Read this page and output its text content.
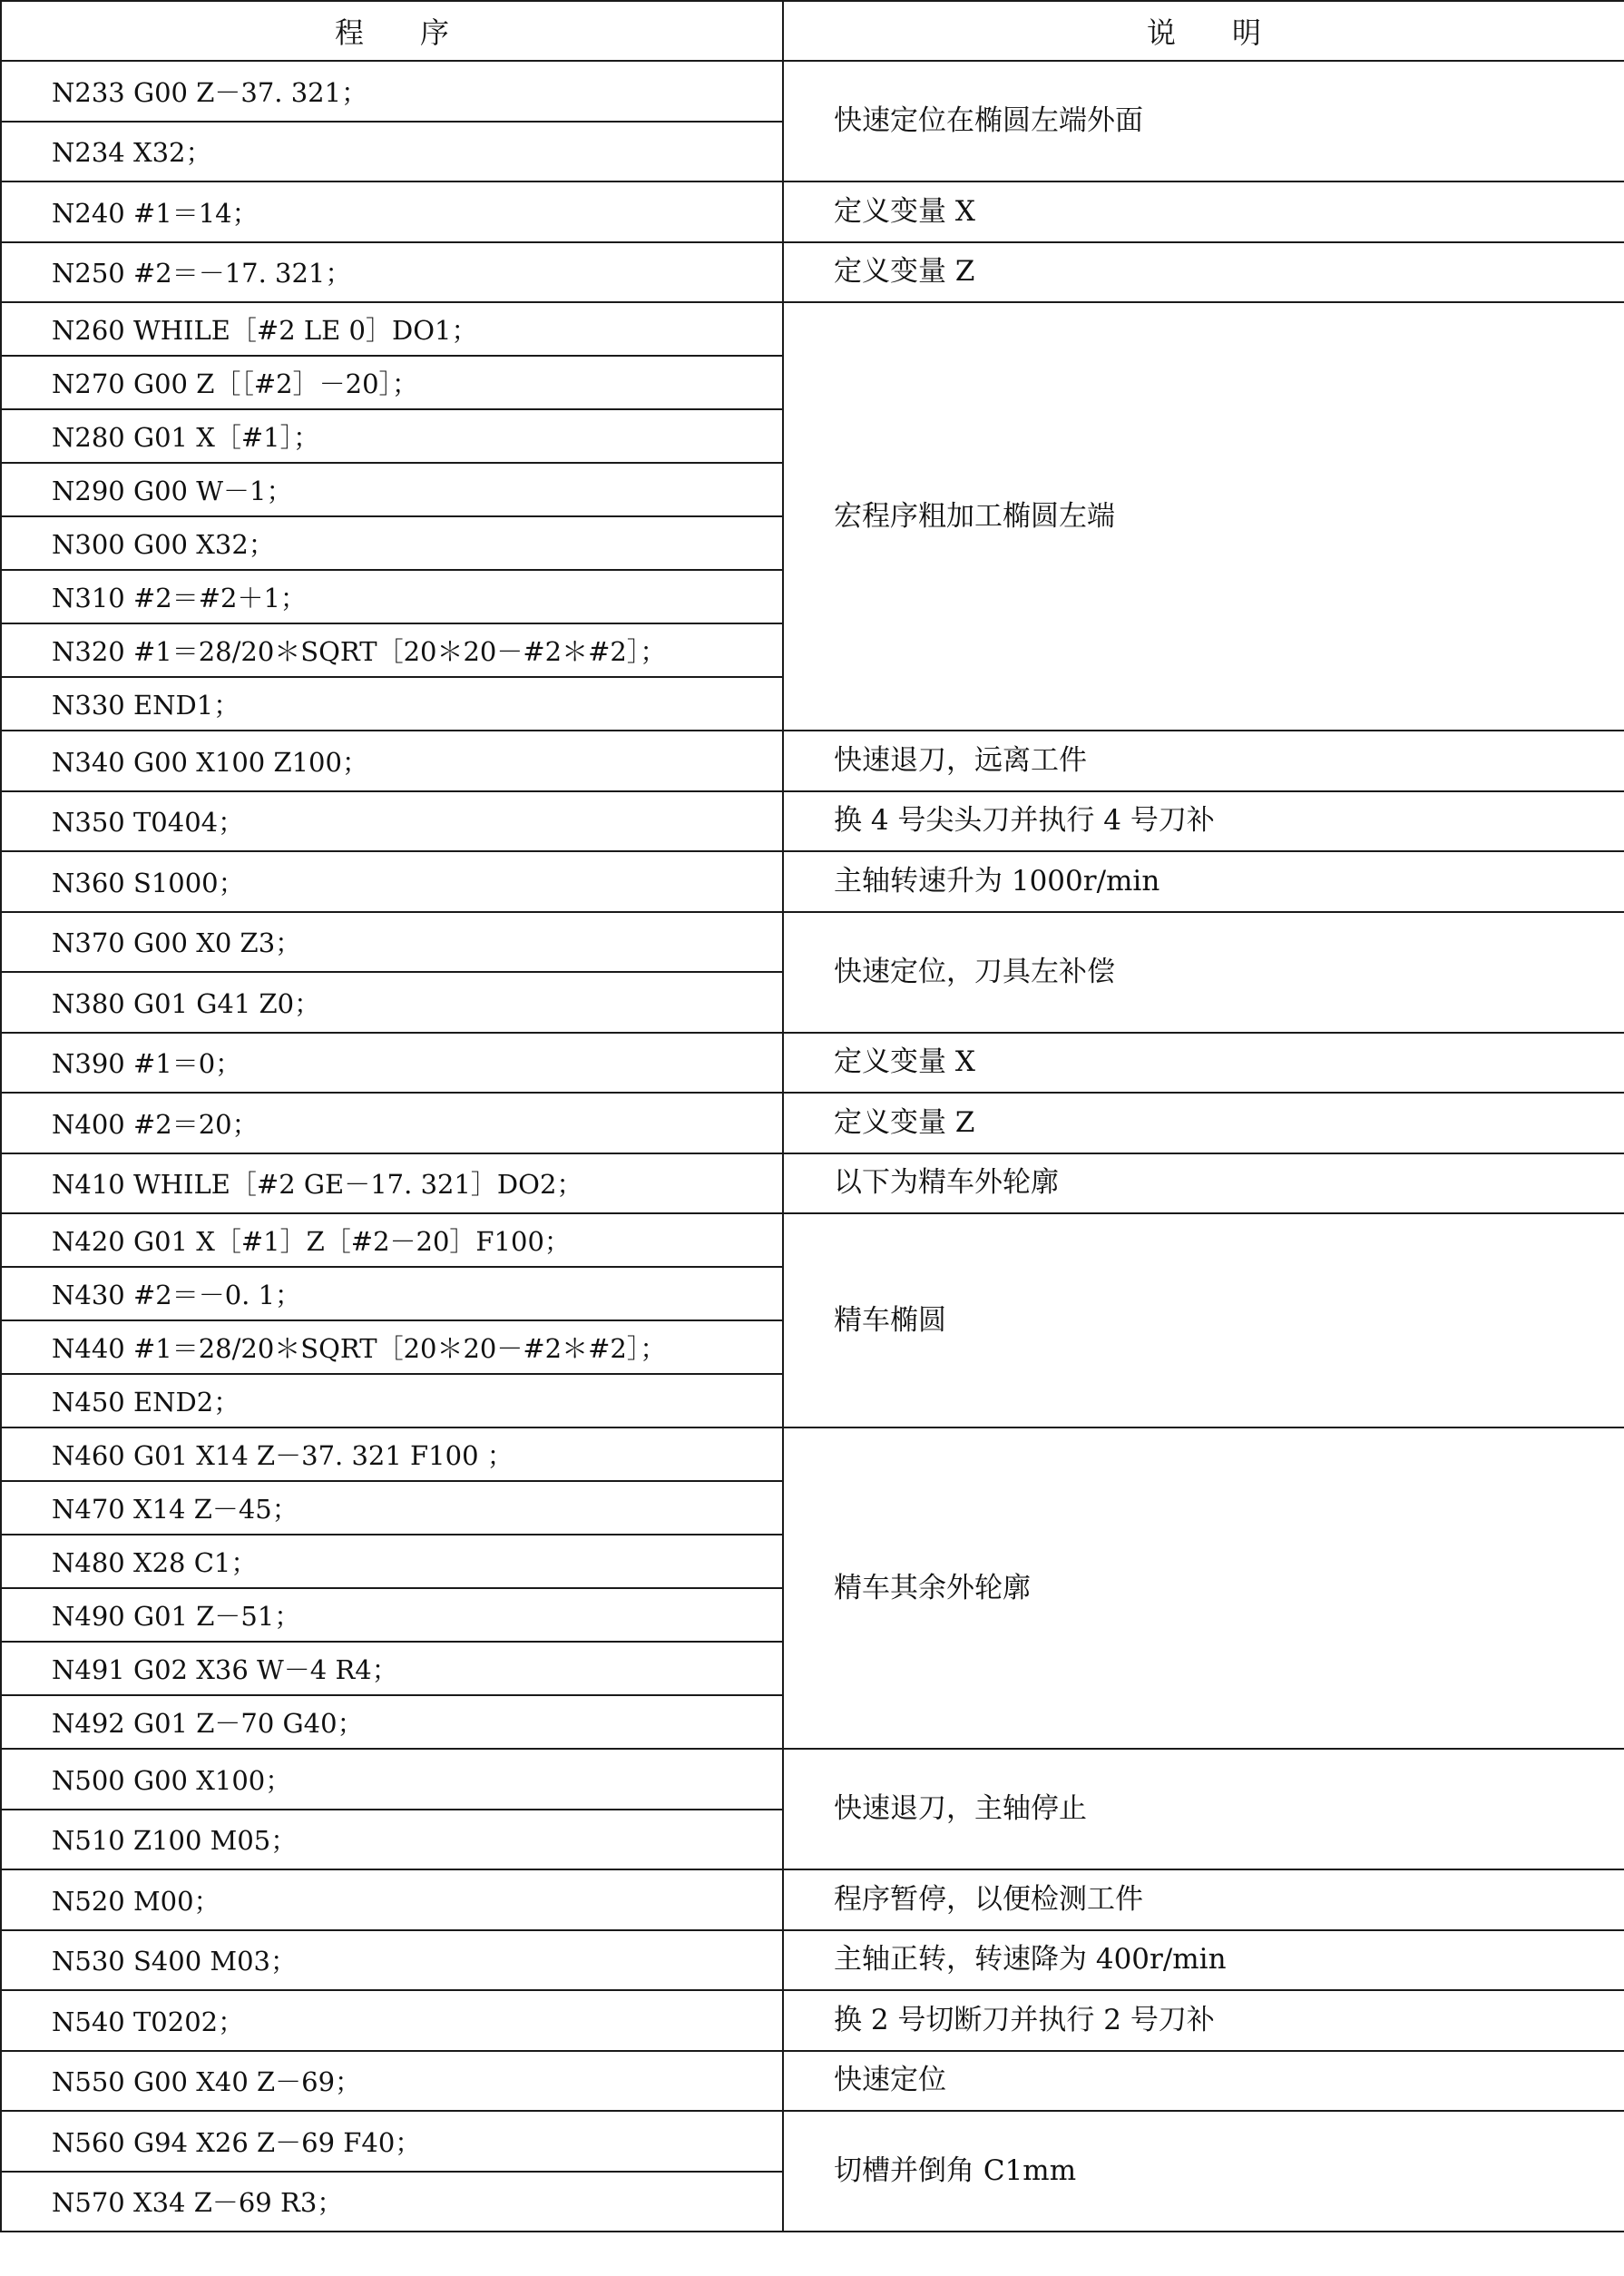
程序	说明
N233 G00 Z－37. 321；	快速定位在椭圆左端外面
N234 X32；	
N240 #1＝14；	定义变量 X
N250 #2＝－17. 321；	定义变量 Z
N260 WHILE［#2 LE 0］DO1；	宏程序粗加工椭圆左端
N270 G00 Z［［#2］－20］；	
N280 G01 X［#1］；	
N290 G00 W－1；	
N300 G00 X32；	
N310 #2＝#2＋1；	
N320 #1＝28/20＊SQRT［20＊20－#2＊#2］；	
N330 END1；	
N340 G00 X100 Z100；	快速退刀，远离工件
N350 T0404；	换 4 号尖头刀并执行 4 号刀补
N360 S1000；	主轴转速升为 1000r/min
N370 G00 X0 Z3；	快速定位，刀具左补偿
N380 G01 G41 Z0；	
N390 #1＝0；	定义变量 X
N400 #2＝20；	定义变量 Z
N410 WHILE［#2 GE－17. 321］DO2；	以下为精车外轮廓
N420 G01 X［#1］Z［#2－20］F100；	精车椭圆
N430 #2＝－0. 1；	
N440 #1＝28/20＊SQRT［20＊20－#2＊#2］；	
N450 END2；	
N460 G01 X14 Z－37. 321 F100 ；	精车其余外轮廓
N470 X14 Z－45；	
N480 X28 C1；	
N490 G01 Z－51；	
N491 G02 X36 W－4 R4；	
N492 G01 Z－70 G40；	
N500 G00 X100；	快速退刀，主轴停止
N510 Z100 M05；	
N520 M00；	程序暂停，以便检测工件
N530 S400 M03；	主轴正转，转速降为 400r/min
N540 T0202；	换 2 号切断刀并执行 2 号刀补
N550 G00 X40 Z－69；	快速定位
N560 G94 X26 Z－69 F40；	切槽并倒角 C1mm
N570 X34 Z－69 R3；	
